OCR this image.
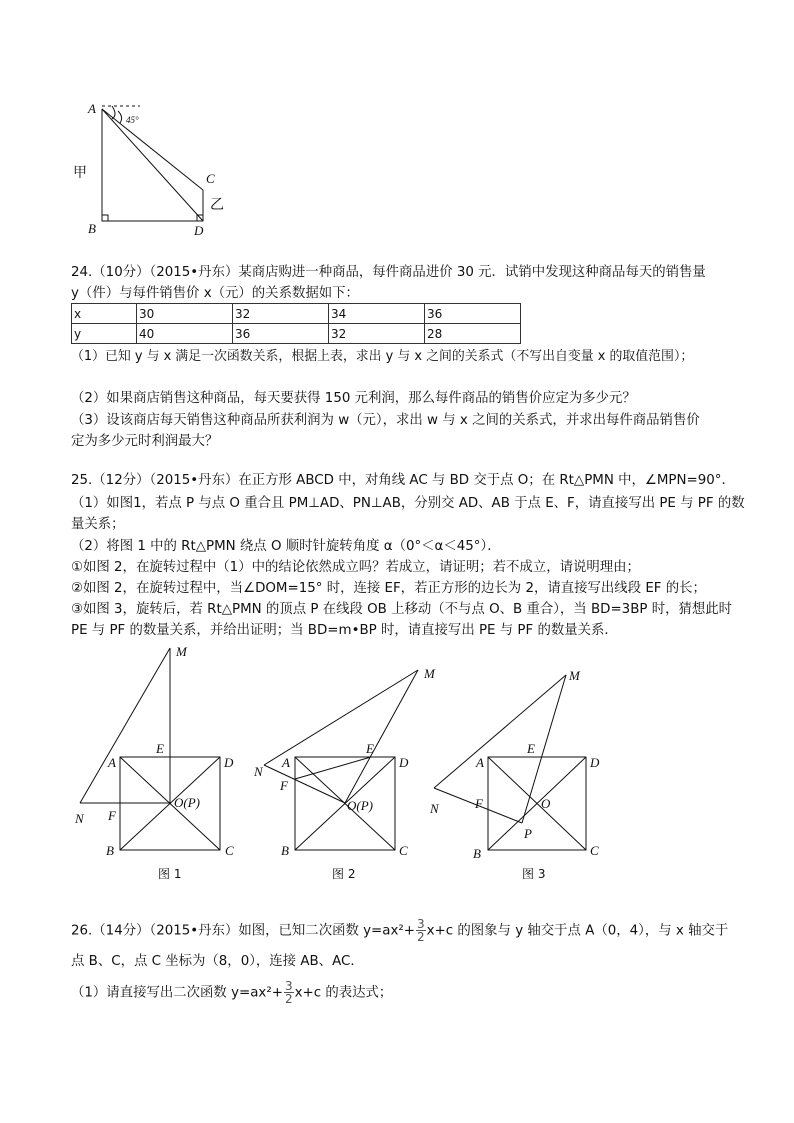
A
B
C
D
45°
甲
乙
24.（10分）（2015•丹东）某商店购进一种商品，每件商品进价 30 元．试销中发现这种商品每天的销售量
y（件）与每件销售价 x（元）的关系数据如下：
x	30	32	34	36
y	40	36	32	28
（1）已知 y 与 x 满足一次函数关系，根据上表，求出 y 与 x 之间的关系式（不写出自变量 x 的取值范围）；
（2）如果商店销售这种商品，每天要获得 150 元利润，那么每件商品的销售价应定为多少元？
（3）设该商店每天销售这种商品所获利润为 w（元），求出 w 与 x 之间的关系式，并求出每件商品销售价
定为多少元时利润最大？
25.（12分）（2015•丹东）在正方形 ABCD 中，对角线 AC 与 BD 交于点 O；在 Rt△PMN 中，∠MPN=90°．
（1）如图1，若点 P 与点 O 重合且 PM⊥AD、PN⊥AB，分别交 AD、AB 于点 E、F，请直接写出 PE 与 PF 的数
量关系；
（2）将图 1 中的 Rt△PMN 绕点 O 顺时针旋转角度 α（0°＜α＜45°）．
①如图 2，在旋转过程中（1）中的结论依然成立吗？若成立，请证明；若不成立，请说明理由；
②如图 2，在旋转过程中，当∠DOM=15° 时，连接 EF，若正方形的边长为 2，请直接写出线段 EF 的长；
③如图 3，旋转后，若 Rt△PMN 的顶点 P 在线段 OB 上移动（不与点 O、B 重合），当 BD=3BP 时，猜想此时
PE 与 PF 的数量关系，并给出证明；当 BD=m•BP 时，请直接写出 PE 与 PF 的数量关系．
M
E
A	D
O(P)
N F
B	C
图 1
M
E
A	D
N
F
O(P)
B	C
图 2
M
E
A	D
N	F	O
P
B	C
图 3
26.（14分）（2015•丹东）如图，已知二次函数 $y=ax^2+ \frac{3}{2} x+c$ 的图象与 y 轴交于点 A（0，4），与 x 轴交于
点 B、C，点 C 坐标为（8，0），连接 AB、AC．
（1）请直接写出二次函数 $y=ax^2+ \frac{3}{2} x+c$ 的表达式；
